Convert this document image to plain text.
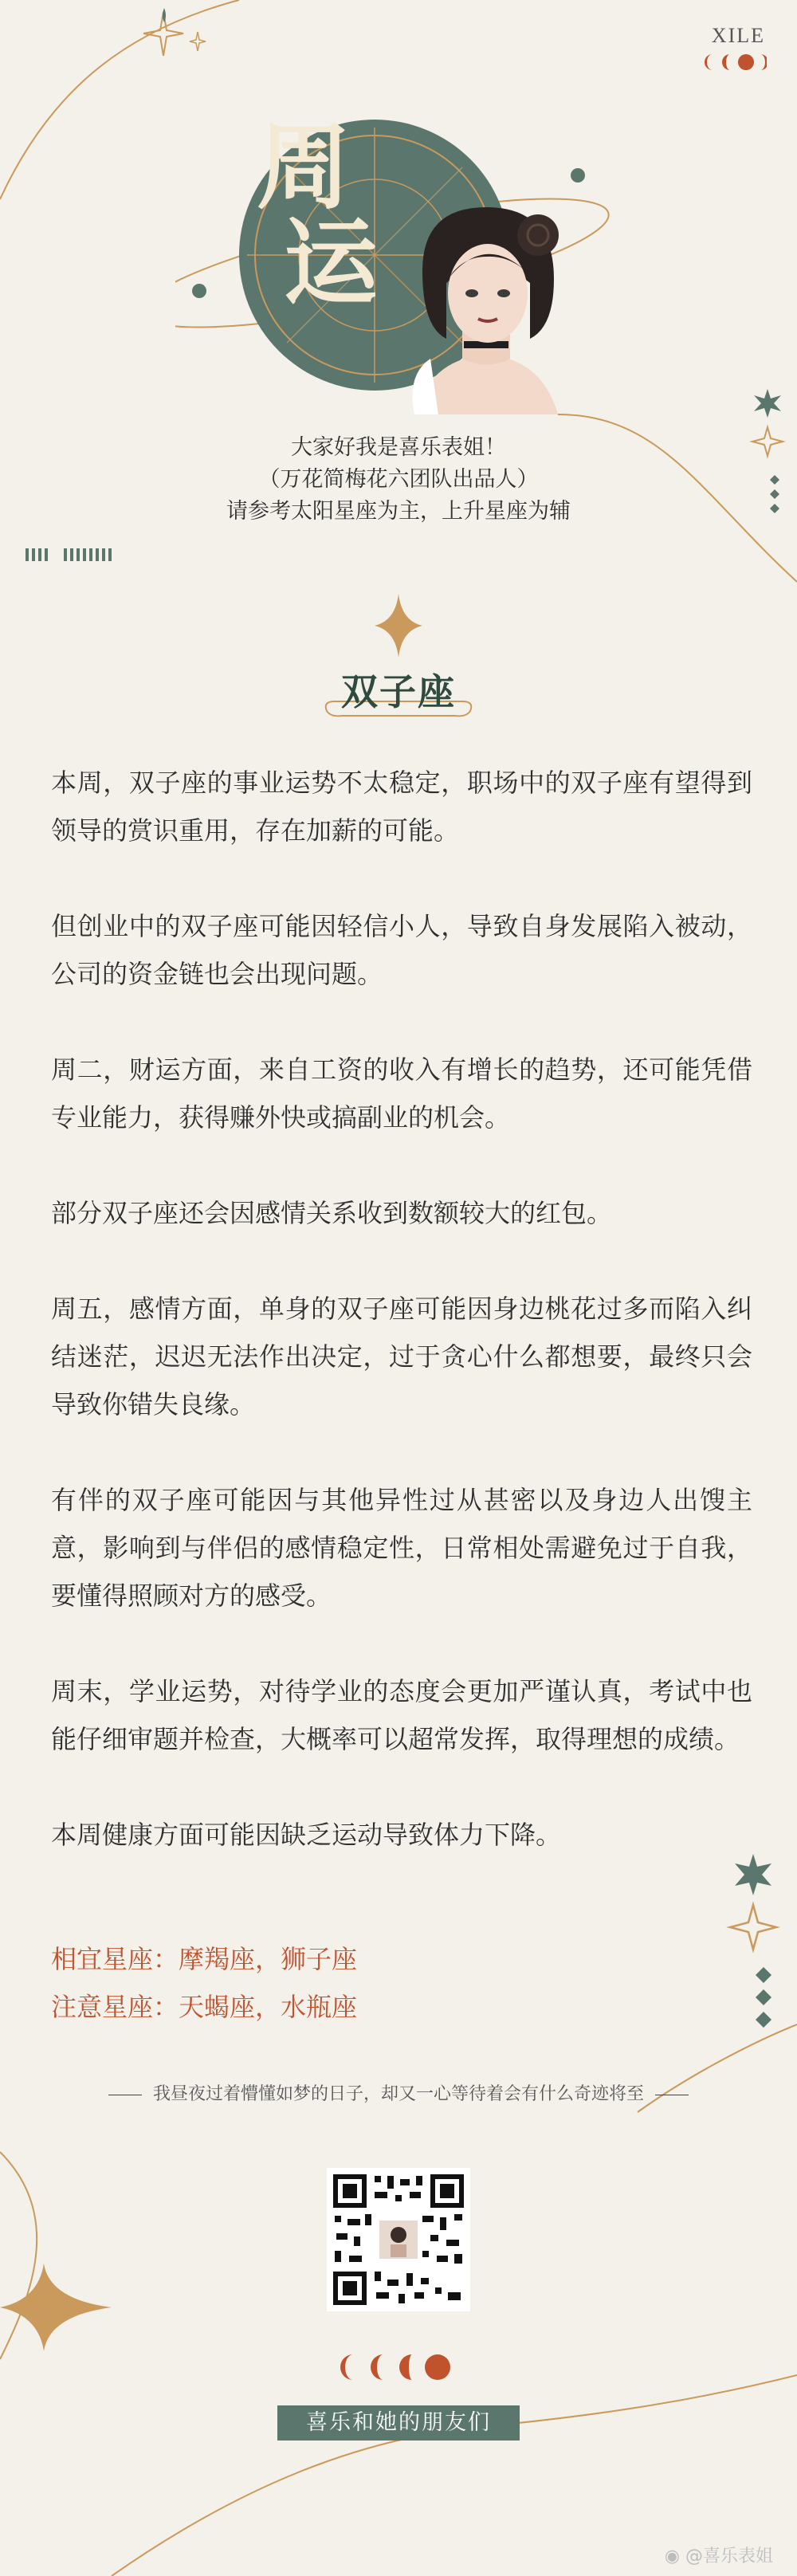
XILE
周
运
大家好我是喜乐表姐！
（万花简梅花六团队出品人）
请参考太阳星座为主，上升星座为辅
双子座

本周，双子座的事业运势不太稳定，职场中的双子座有望得到领导的赏识重用，存在加薪的可能。

但创业中的双子座可能因轻信小人，导致自身发展陷入被动，公司的资金链也会出现问题。

周二，财运方面，来自工资的收入有增长的趋势，还可能凭借专业能力，获得赚外快或搞副业的机会。

部分双子座还会因感情关系收到数额较大的红包。

周五，感情方面，单身的双子座可能因身边桃花过多而陷入纠结迷茫，迟迟无法作出决定，过于贪心什么都想要，最终只会导致你错失良缘。

有伴的双子座可能因与其他异性过从甚密以及身边人出馊主意，影响到与伴侣的感情稳定性，日常相处需避免过于自我，要懂得照顾对方的感受。

周末，学业运势，对待学业的态度会更加严谨认真，考试中也能仔细审题并检查，大概率可以超常发挥，取得理想的成绩。

本周健康方面可能因缺乏运动导致体力下降。

相宜星座：摩羯座，狮子座
注意星座：天蝎座，水瓶座
我昼夜过着懵懂如梦的日子，却又一心等待着会有什么奇迹将至
喜乐和她的朋友们
◉ @喜乐表姐
